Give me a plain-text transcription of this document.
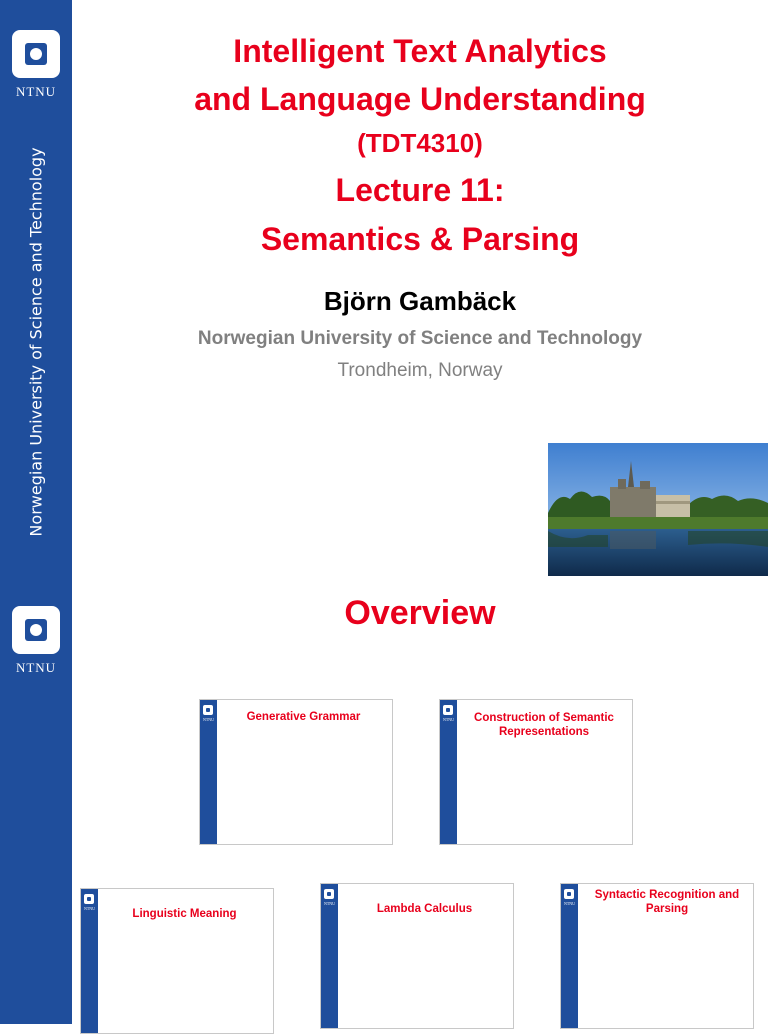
NTNU
Norwegian University of Science and Technology
Intelligent Text Analytics
and Language Understanding
(TDT4310)
Lecture 11:
Semantics & Parsing
Björn Gambäck
Norwegian University of Science and Technology
Trondheim, Norway
NTNU
Overview
NTNU	Generative Grammar	NTNU	Construction of Semantic Representations
NTNU	Linguistic Meaning
NTNU	Lambda Calculus	NTNU
Syntactic Recognition and Parsing
